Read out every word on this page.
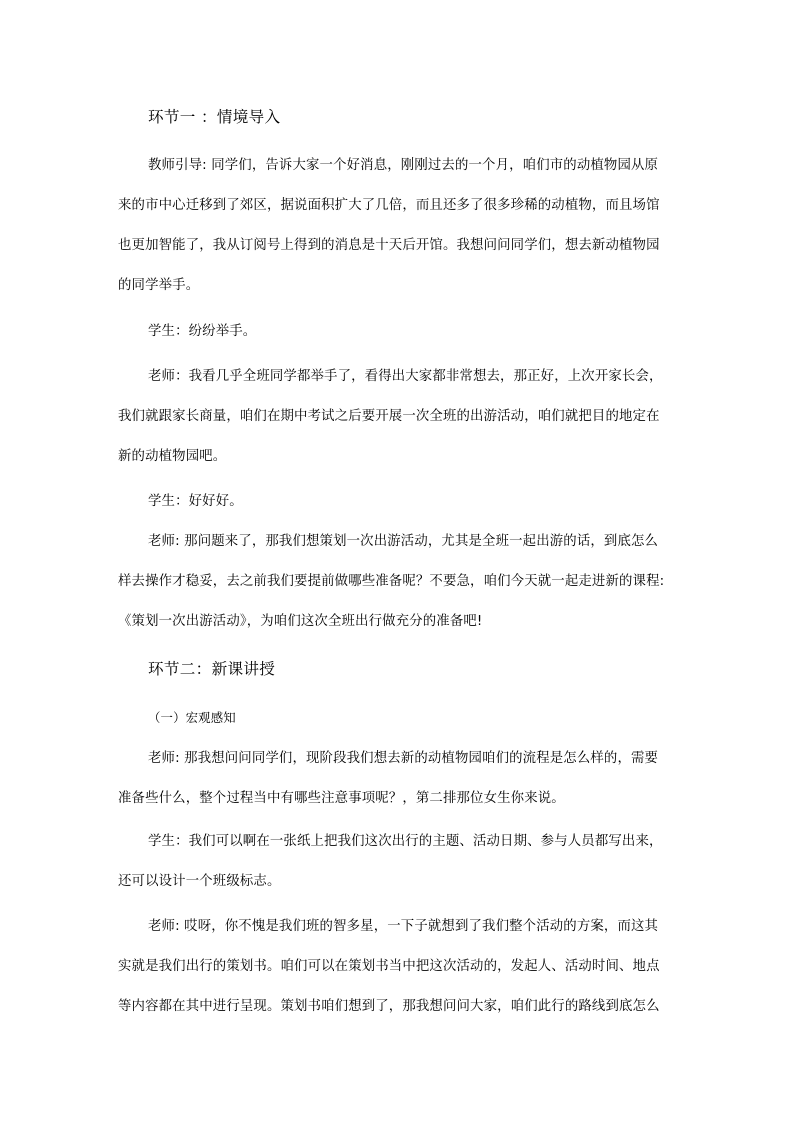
环节一 ：情境导入
教师引导: 同学们，告诉大家一个好消息，刚刚过去的一个月，咱们市的动植物园从原
来的市中心迁移到了郊区，据说面积扩大了几倍，而且还多了很多珍稀的动植物，而且场馆
也更加智能了，我从订阅号上得到的消息是十天后开馆。我想问问同学们，想去新动植物园
的同学举手。
学生：纷纷举手。
老师：我看几乎全班同学都举手了，看得出大家都非常想去，那正好，上次开家长会，
我们就跟家长商量，咱们在期中考试之后要开展一次全班的出游活动，咱们就把目的地定在
新的动植物园吧。
学生：好好好。
老师: 那问题来了，那我们想策划一次出游活动，尤其是全班一起出游的话，到底怎么
样去操作才稳妥，去之前我们要提前做哪些准备呢？不要急，咱们今天就一起走进新的课程:
《策划一次出游活动》，为咱们这次全班出行做充分的准备吧!
环节二：新课讲授
（一）宏观感知
老师: 那我想问问同学们，现阶段我们想去新的动植物园咱们的流程是怎么样的，需要
准备些什么，整个过程当中有哪些注意事项呢？，第二排那位女生你来说。
学生：我们可以啊在一张纸上把我们这次出行的主题、活动日期、参与人员都写出来，
还可以设计一个班级标志。
老师: 哎呀，你不愧是我们班的智多星，一下子就想到了我们整个活动的方案，而这其
实就是我们出行的策划书。咱们可以在策划书当中把这次活动的，发起人、活动时间、地点
等内容都在其中进行呈现。策划书咱们想到了，那我想问问大家，咱们此行的路线到底怎么
